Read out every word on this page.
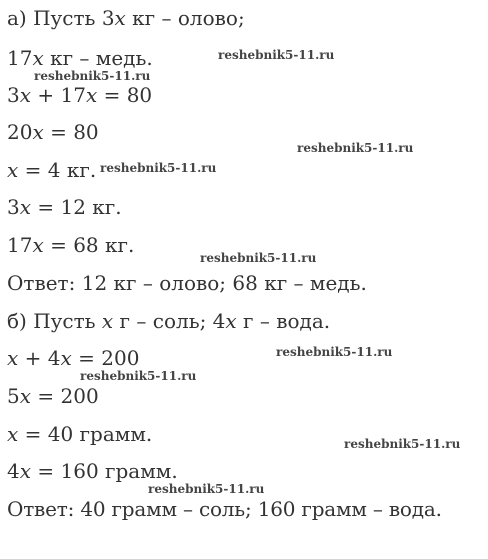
а) Пусть 3x кг – олово;
17x кг – медь.
3x + 17x = 80
20x = 80
x = 4 кг.
3x = 12 кг.
17x = 68 кг.
Ответ: 12 кг – олово; 68 кг – медь.
б) Пусть x г – соль; 4x г – вода.
x + 4x = 200
5x = 200
x = 40 грамм.
4x = 160 грамм.
Ответ: 40 грамм – соль; 160 грамм – вода.
reshebnik5-11.ru
reshebnik5-11.ru
reshebnik5-11.ru
reshebnik5-11.ru
reshebnik5-11.ru
reshebnik5-11.ru
reshebnik5-11.ru
reshebnik5-11.ru
reshebnik5-11.ru
